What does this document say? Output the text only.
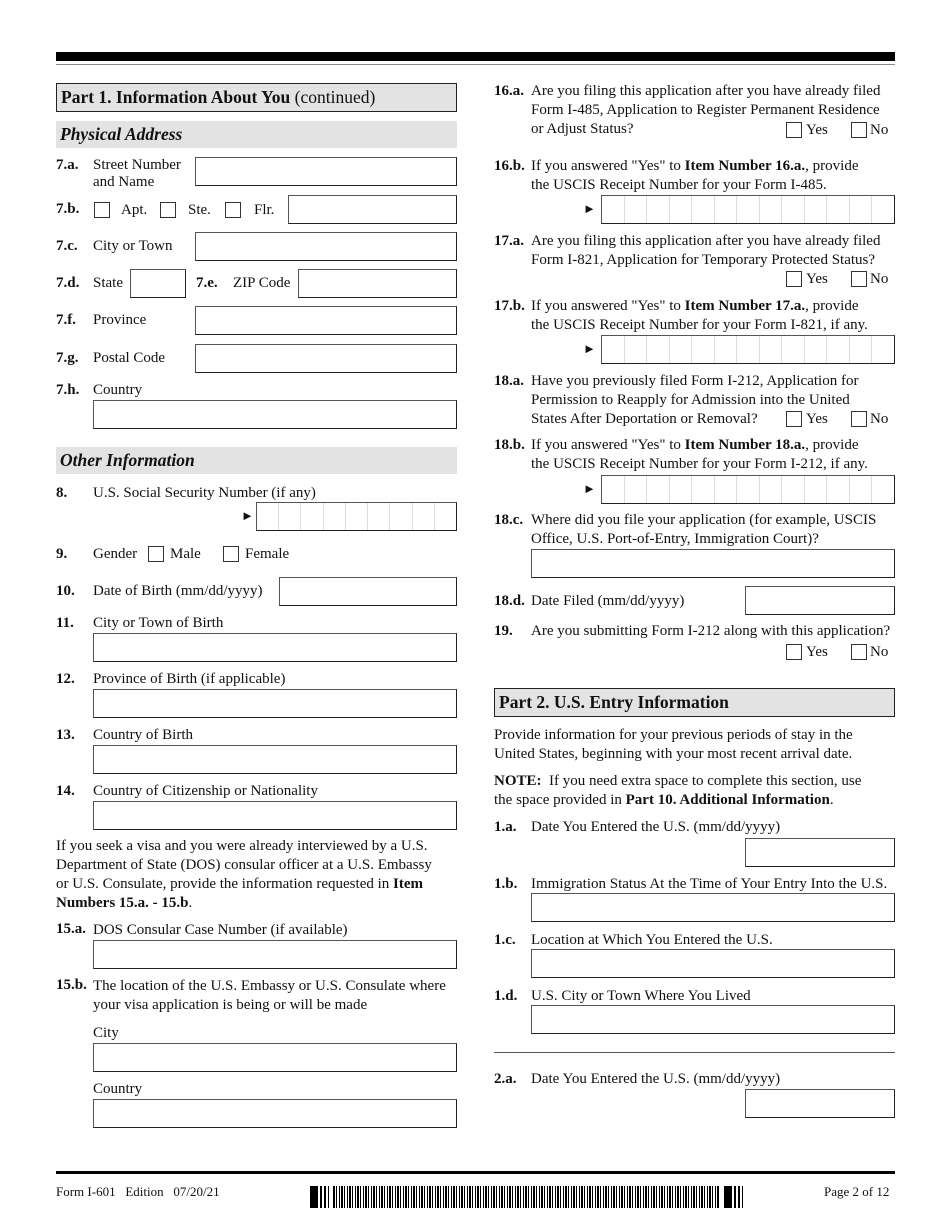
Part 1. Information About You (continued)
Physical Address
7.a. Street Number
and Name
7.b.	Apt.	Ste.	Flr.
7.c. City or Town
7.d. State	7.e. ZIP Code
7.f. Province
7.g. Postal Code
7.h. Country
Other Information
8. U.S. Social Security Number (if any)
►
9. Gender Male	Female
10. Date of Birth (mm/dd/yyyy)
11. City or Town of Birth
12. Province of Birth (if applicable)
13. Country of Birth
14. Country of Citizenship or Nationality
If you seek a visa and you were already interviewed by a U.S.
Department of State (DOS) consular officer at a U.S. Embassy
or U.S. Consulate, provide the information requested in Item
Numbers 15.a. - 15.b.
15.a. DOS Consular Case Number (if available)
15.b. The location of the U.S. Embassy or U.S. Consulate where
your visa application is being or will be made
City
Country
16.a. Are you filing this application after you have already filed
Form I-485, Application to Register Permanent Residence
or Adjust Status?	Yes	No
16.b. If you answered "Yes" to Item Number 16.a., provide
the USCIS Receipt Number for your Form I-485.
►
17.a. Are you filing this application after you have already filed
Form I-821, Application for Temporary Protected Status?
Yes	No
17.b. If you answered "Yes" to Item Number 17.a., provide
the USCIS Receipt Number for your Form I-821, if any.
►
18.a. Have you previously filed Form I-212, Application for
Permission to Reapply for Admission into the United
States After Deportation or Removal?	Yes	No
18.b. If you answered "Yes" to Item Number 18.a., provide
the USCIS Receipt Number for your Form I-212, if any.
►
18.c. Where did you file your application (for example, USCIS
Office, U.S. Port-of-Entry, Immigration Court)?
18.d. Date Filed (mm/dd/yyyy)
19. Are you submitting Form I-212 along with this application?
Yes	No
Part 2. U.S. Entry Information
Provide information for your previous periods of stay in the
United States, beginning with your most recent arrival date.
NOTE:  If you need extra space to complete this section, use
the space provided in Part 10. Additional Information.
1.a. Date You Entered the U.S. (mm/dd/yyyy)
1.b. Immigration Status At the Time of Your Entry Into the U.S.
1.c. Location at Which You Entered the U.S.
1.d. U.S. City or Town Where You Lived
2.a. Date You Entered the U.S. (mm/dd/yyyy)
Form I-601   Edition   07/20/21	Page 2 of 12
